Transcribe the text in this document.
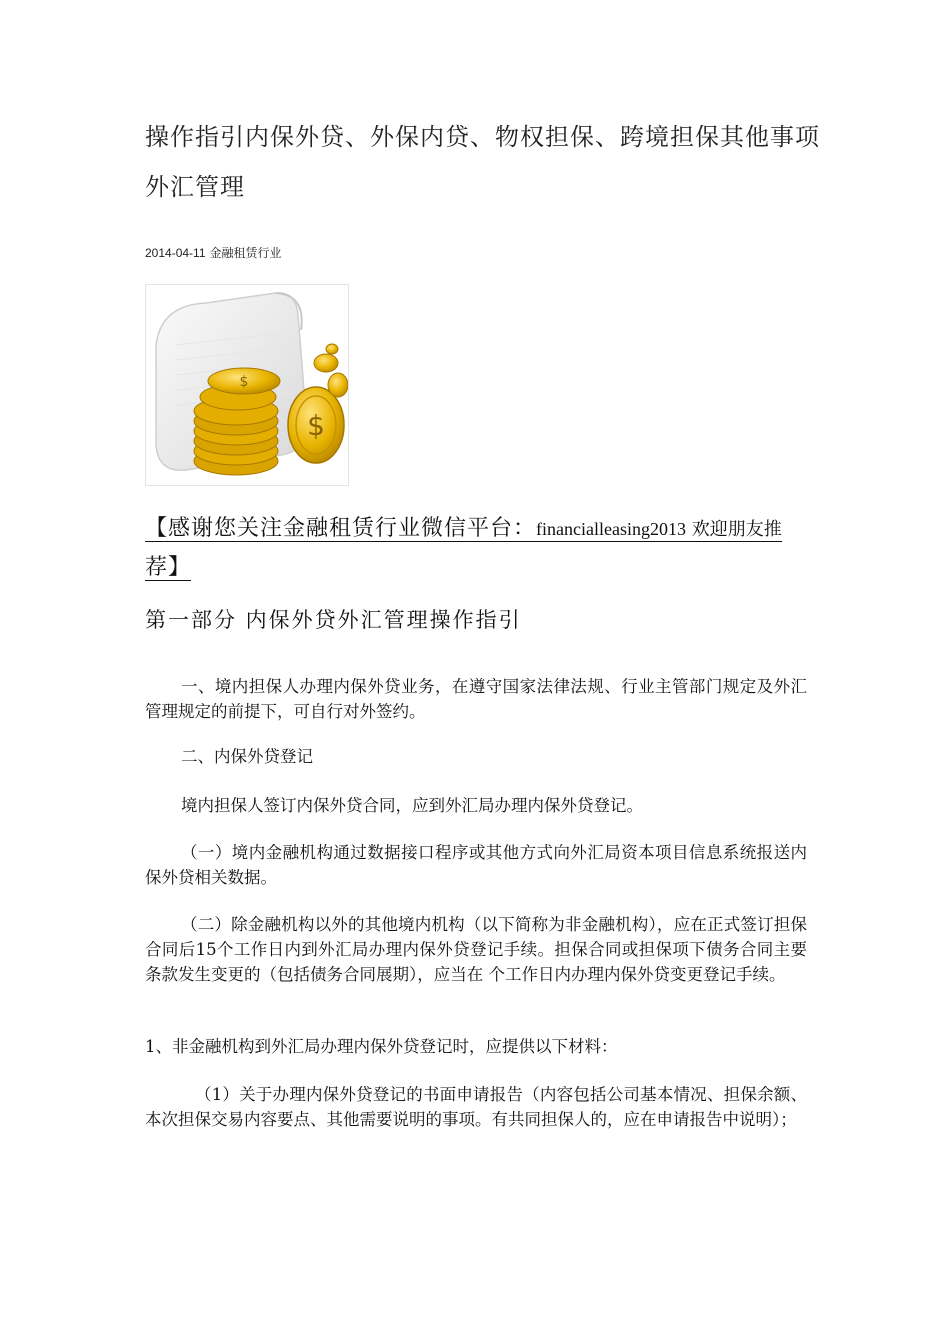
操作指引内保外贷、外保内贷、物权担保、跨境担保其他事项外汇管理
2014-04-11 金融租赁行业
$
$
【感谢您关注金融租赁行业微信平台：financialleasing2013 欢迎朋友推
荐】
第一部分 内保外贷外汇管理操作指引

一、境内担保人办理内保外贷业务，在遵守国家法律法规、行业主管部门规定及外汇管理规定的前提下，可自行对外签约。

二、内保外贷登记

境内担保人签订内保外贷合同，应到外汇局办理内保外贷登记。

（一）境内金融机构通过数据接口程序或其他方式向外汇局资本项目信息系统报送内保外贷相关数据。

（二）除金融机构以外的其他境内机构（以下简称为非金融机构），应在正式签订担保合同后15个工作日内到外汇局办理内保外贷登记手续。担保合同或担保项下债务合同主要条款发生变更的（包括债务合同展期），应当在 个工作日内办理内保外贷变更登记手续。

1、非金融机构到外汇局办理内保外贷登记时，应提供以下材料：

（1）关于办理内保外贷登记的书面申请报告（内容包括公司基本情况、担保余额、本次担保交易内容要点、其他需要说明的事项。有共同担保人的，应在申请报告中说明）；
